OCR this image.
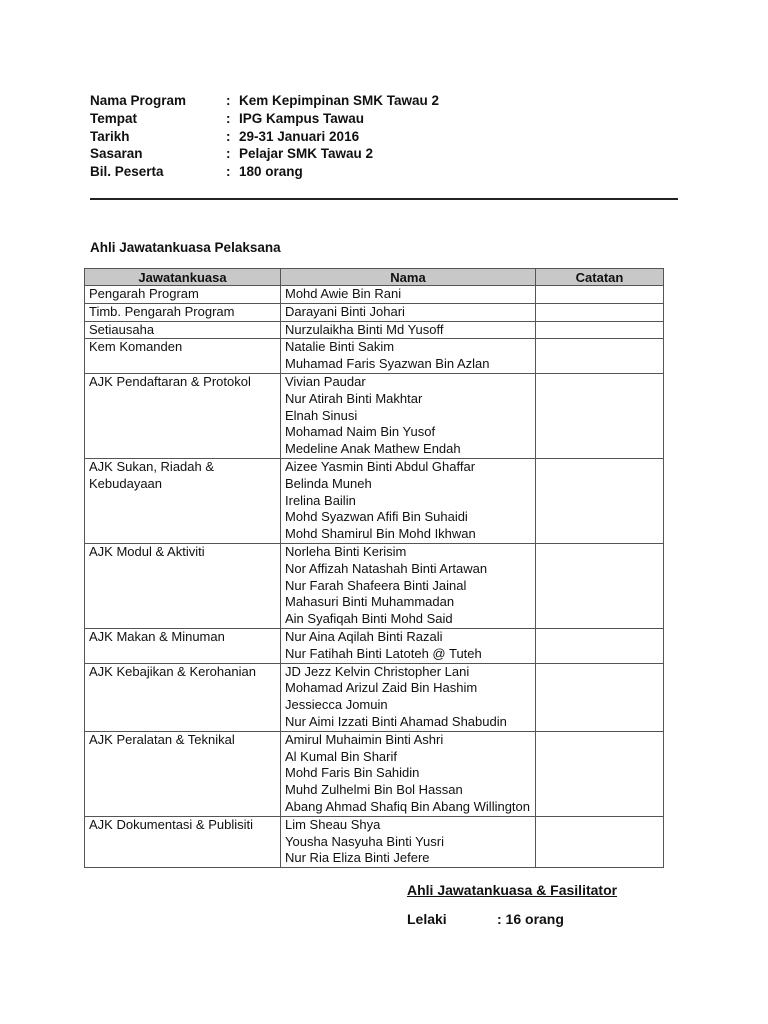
Nama Program	: Kem Kepimpinan SMK Tawau 2
Tempat	: IPG Kampus Tawau
Tarikh	: 29-31 Januari 2016
Sasaran	: Pelajar SMK Tawau 2
Bil. Peserta	: 180 orang
Ahli Jawatankuasa Pelaksana
Jawatankuasa	Nama	Catatan
Pengarah Program	Mohd Awie Bin Rani	

Timb. Pengarah Program	Darayani Binti Johari	

Setiausaha	Nurzulaikha Binti Md Yusoff	

Kem Komanden	Natalie Binti Sakim
Muhamad Faris Syazwan Bin Azlan	

AJK Pendaftaran & Protokol	Vivian Paudar
Nur Atirah Binti Makhtar
Elnah Sinusi
Mohamad Naim Bin Yusof
Medeline Anak Mathew Endah	

AJK Sukan, Riadah & Kebudayaan	Aizee Yasmin Binti Abdul Ghaffar
Belinda Muneh
Irelina Bailin
Mohd Syazwan Afifi Bin Suhaidi
Mohd Shamirul Bin Mohd Ikhwan	

AJK Modul & Aktiviti	Norleha Binti Kerisim
Nor Affizah Natashah Binti Artawan
Nur Farah Shafeera Binti Jainal
Mahasuri Binti Muhammadan
Ain Syafiqah Binti Mohd Said	

AJK Makan & Minuman	Nur Aina Aqilah Binti Razali
Nur Fatihah Binti Latoteh @ Tuteh	

AJK Kebajikan & Kerohanian	JD Jezz Kelvin Christopher Lani
Mohamad Arizul Zaid Bin Hashim
Jessiecca Jomuin
Nur Aimi Izzati Binti Ahamad Shabudin	

AJK Peralatan & Teknikal	Amirul Muhaimin Binti Ashri
Al Kumal Bin Sharif
Mohd Faris Bin Sahidin
Muhd Zulhelmi Bin Bol Hassan
Abang Ahmad Shafiq Bin Abang Willington	

AJK Dokumentasi & Publisiti	Lim Sheau Shya
Yousha Nasyuha Binti Yusri
Nur Ria Eliza Binti Jefere	

Ahli Jawatankuasa & Fasilitator
Lelaki	: 16 orang
